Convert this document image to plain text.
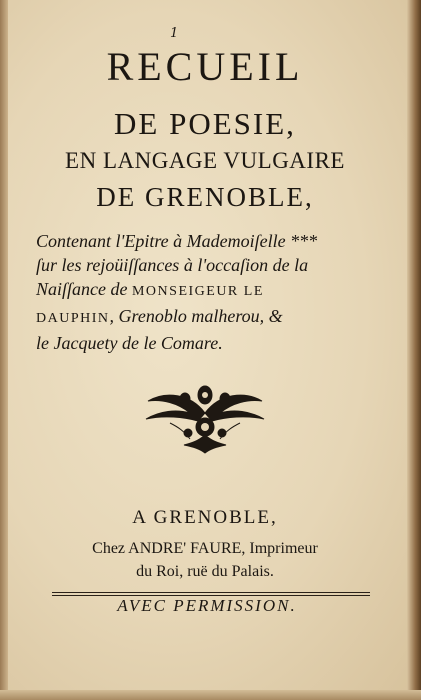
1
RECUEIL
DE POESIE,
EN LANGAGE VULGAIRE
DE GRENOBLE,
Contenant l'Epitre à Mademoiſelle ***
ſur les rejoüiſſances à l'occaſion de la
Naiſſance de MONSEIGEUR LE
DAUPHIN, Grenoblo malherou, &
le Jacquety de le Comare.
A GRENOBLE,
Chez ANDRE' FAURE, Imprimeur
du Roi, ruë du Palais.
AVEC PERMISSION.
